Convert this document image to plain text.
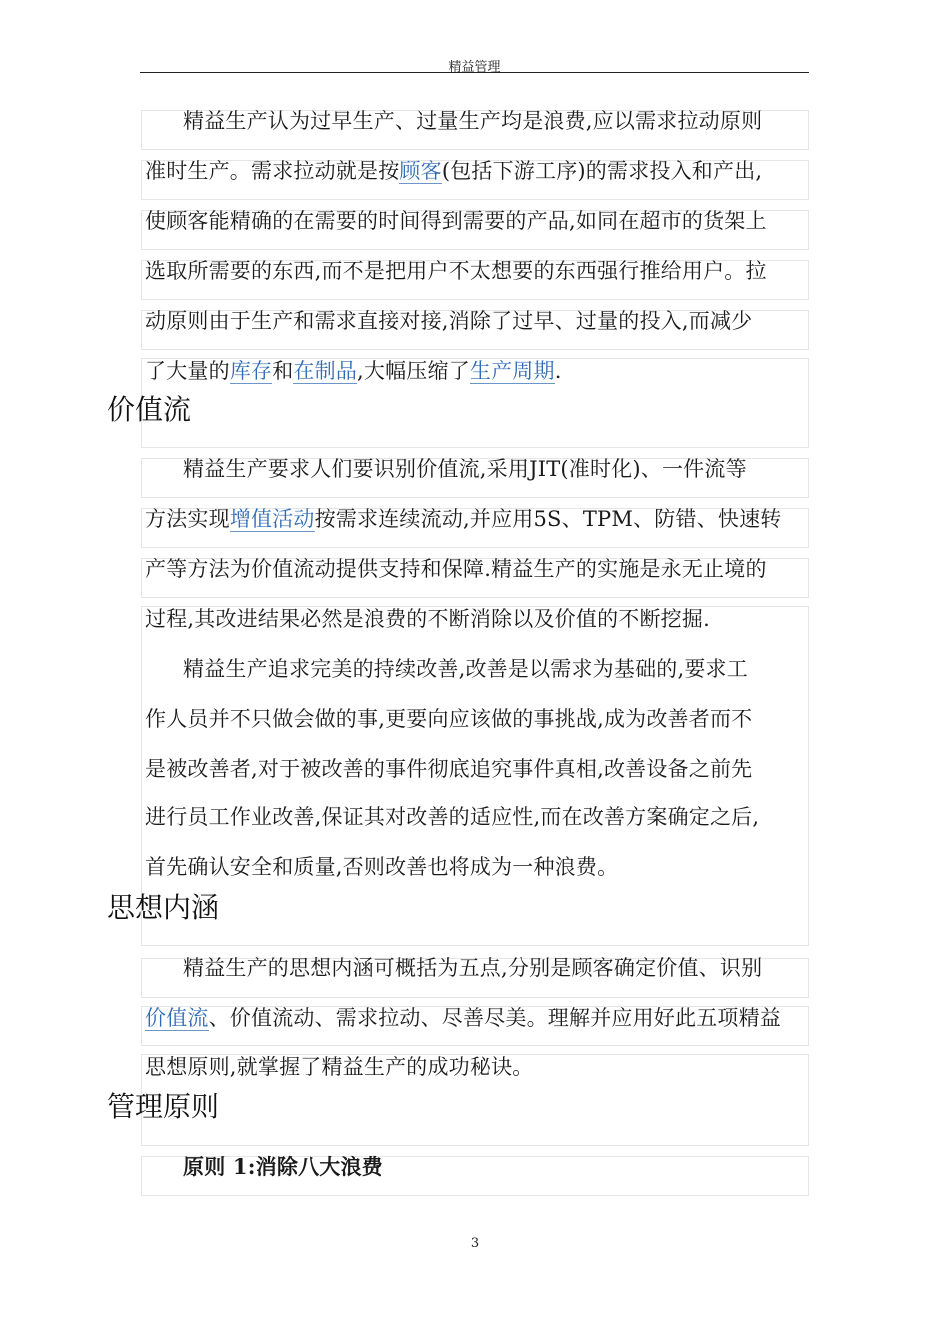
精益管理
精益生产认为过早生产、过量生产均是浪费,应以需求拉动原则
准时生产。需求拉动就是按顾客(包括下游工序)的需求投入和产出,
使顾客能精确的在需要的时间得到需要的产品,如同在超市的货架上
选取所需要的东西,而不是把用户不太想要的东西强行推给用户。拉
动原则由于生产和需求直接对接,消除了过早、过量的投入,而减少
了大量的库存和在制品,大幅压缩了生产周期.
价值流
精益生产要求人们要识别价值流,采用JIT(准时化)、一件流等
方法实现增值活动按需求连续流动,并应用5S、TPM、防错、快速转
产等方法为价值流动提供支持和保障.精益生产的实施是永无止境的
过程,其改进结果必然是浪费的不断消除以及价值的不断挖掘.
精益生产追求完美的持续改善,改善是以需求为基础的,要求工
作人员并不只做会做的事,更要向应该做的事挑战,成为改善者而不
是被改善者,对于被改善的事件彻底追究事件真相,改善设备之前先
进行员工作业改善,保证其对改善的适应性,而在改善方案确定之后,
首先确认安全和质量,否则改善也将成为一种浪费。
思想内涵
精益生产的思想内涵可概括为五点,分别是顾客确定价值、识别
价值流、价值流动、需求拉动、尽善尽美。理解并应用好此五项精益
思想原则,就掌握了精益生产的成功秘诀。
管理原则
原则 1:消除八大浪费
3
